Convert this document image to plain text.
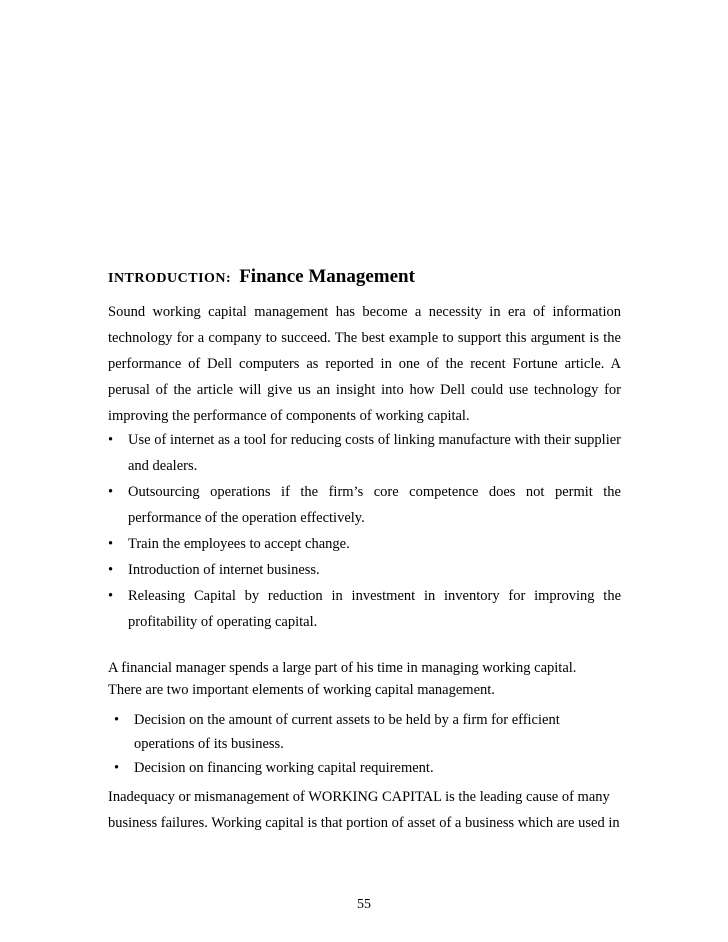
INTRODUCTION: Finance Management

Sound working capital management has become a necessity in era of information technology for a company to succeed. The best example to support this argument is the performance of Dell computers as reported in one of the recent Fortune article. A perusal of the article will give us an insight into how Dell could use technology for improving the performance of components of working capital.

• Use of internet as a tool for reducing costs of linking manufacture with their supplier and dealers.
• Outsourcing operations if the firm’s core competence does not permit the performance of the operation effectively.
• Train the employees to accept change.
• Introduction of internet business.
• Releasing Capital by reduction in investment in inventory for improving the profitability of operating capital.
A financial manager spends a large part of his time in managing working capital.
There are two important elements of working capital management.
• Decision on the amount of current assets to be held by a firm for efficient operations of its business.
• Decision on financing working capital requirement.

Inadequacy or mismanagement of WORKING CAPITAL is the leading cause of many business failures. Working capital is that portion of asset of a business which are used in

55
